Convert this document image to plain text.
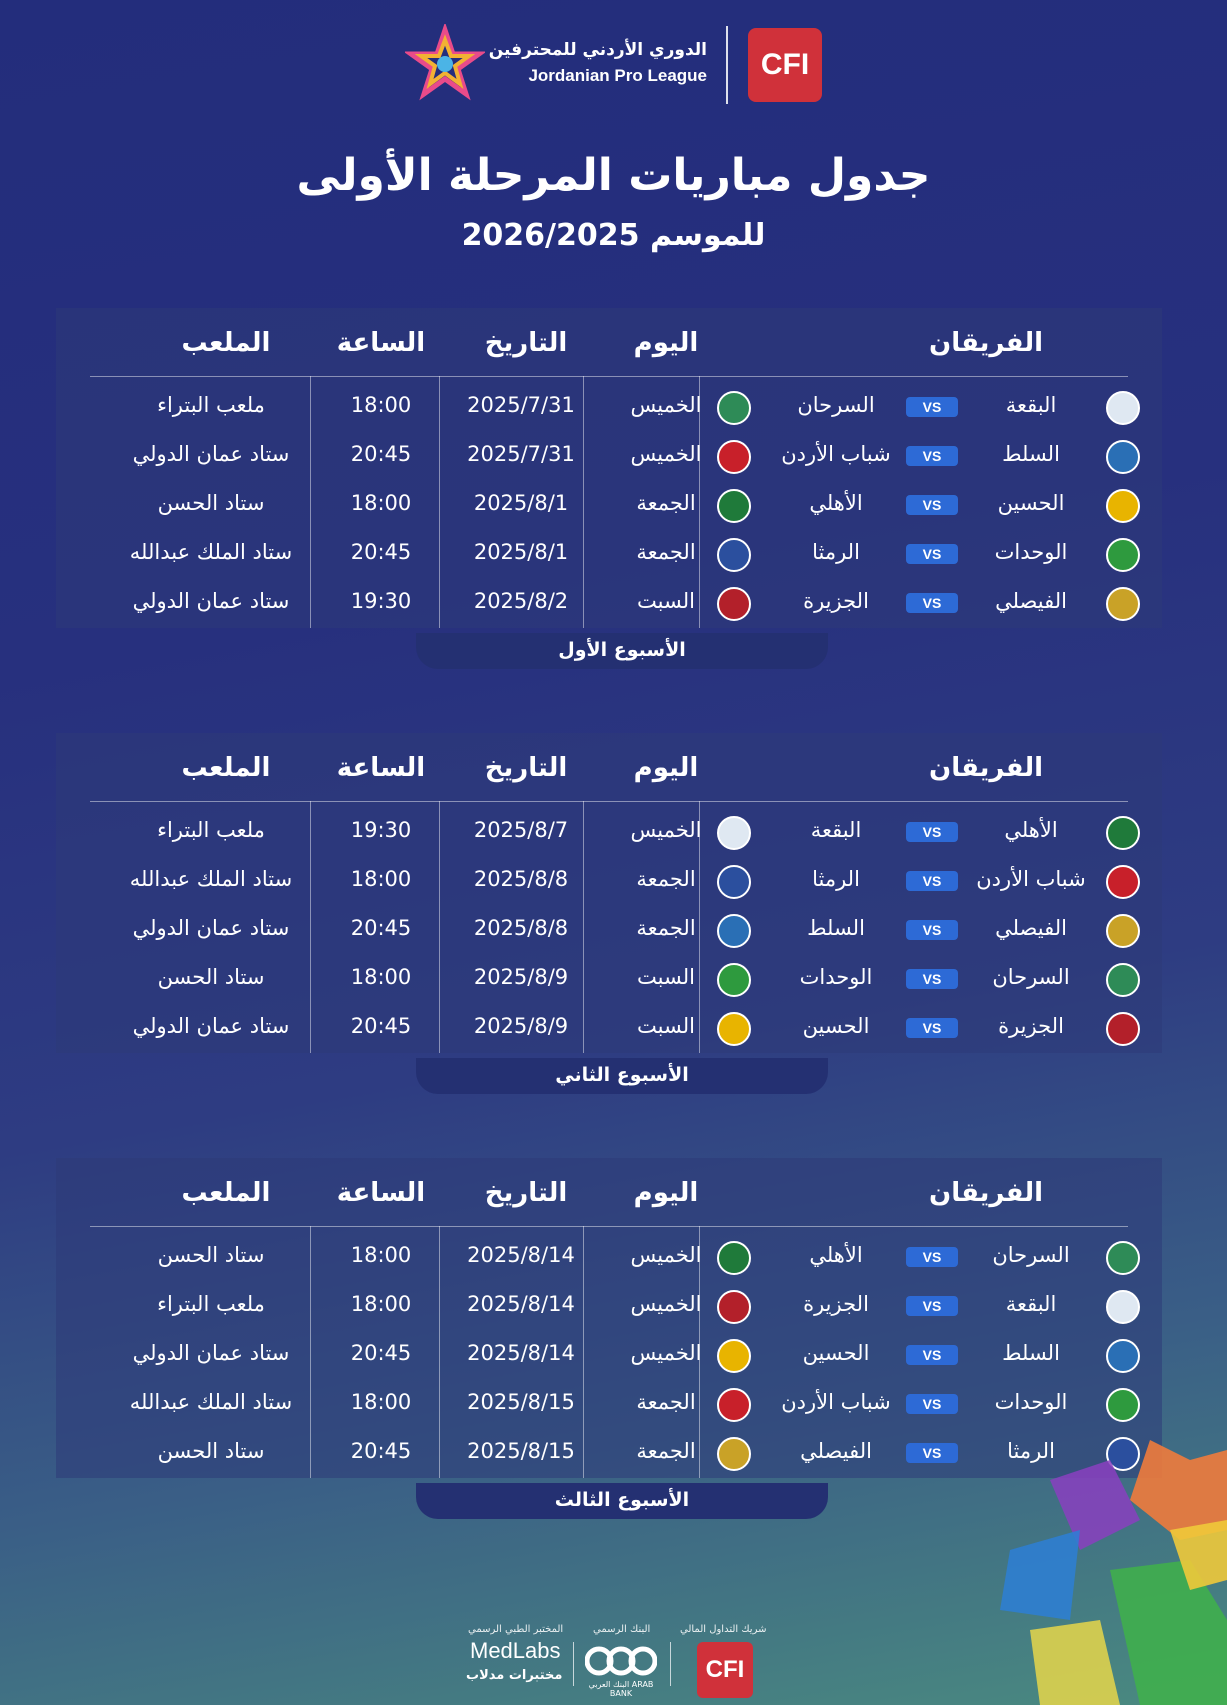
الدوري الأردني للمحترفين
Jordanian Pro League	CFI
جدول مباريات المرحلة الأولى
للموسم 2026/2025
الفريقان
اليوم
التاريخ
الساعة
الملعب
البقعة
VS
السرحان
الخميس
2025/7/31
18:00
ملعب البتراء
السلط
VS
شباب الأردن
الخميس
2025/7/31
20:45
ستاد عمان الدولي
الحسين
VS
الأهلي
الجمعة
2025/8/1
18:00
ستاد الحسن
الوحدات
VS
الرمثا
الجمعة
2025/8/1
20:45
ستاد الملك عبدالله
الفيصلي
VS
الجزيرة
السبت
2025/8/2
19:30
ستاد عمان الدولي
الأسبوع الأول
الفريقان
اليوم
التاريخ
الساعة
الملعب
الأهلي
VS
البقعة
الخميس
2025/8/7
19:30
ملعب البتراء
شباب الأردن
VS
الرمثا
الجمعة
2025/8/8
18:00
ستاد الملك عبدالله
الفيصلي
VS
السلط
الجمعة
2025/8/8
20:45
ستاد عمان الدولي
السرحان
VS
الوحدات
السبت
2025/8/9
18:00
ستاد الحسن
الجزيرة
VS
الحسين
السبت
2025/8/9
20:45
ستاد عمان الدولي
الأسبوع الثاني
الفريقان
اليوم
التاريخ
الساعة
الملعب
السرحان
VS
الأهلي
الخميس
2025/8/14
18:00
ستاد الحسن
البقعة
VS
الجزيرة
الخميس
2025/8/14
18:00
ملعب البتراء
السلط
VS
الحسين
الخميس
2025/8/14
20:45
ستاد عمان الدولي
الوحدات
VS
شباب الأردن
الجمعة
2025/8/15
18:00
ستاد الملك عبدالله
الرمثا
VS
الفيصلي
الجمعة
2025/8/15
20:45
ستاد الحسن
الأسبوع الثالث
المختبر الطبي الرسمي
MedLabs
مختبرات مدلاب
البنك الرسمي
البنك العربي ARAB BANK
شريك التداول المالي
CFI
